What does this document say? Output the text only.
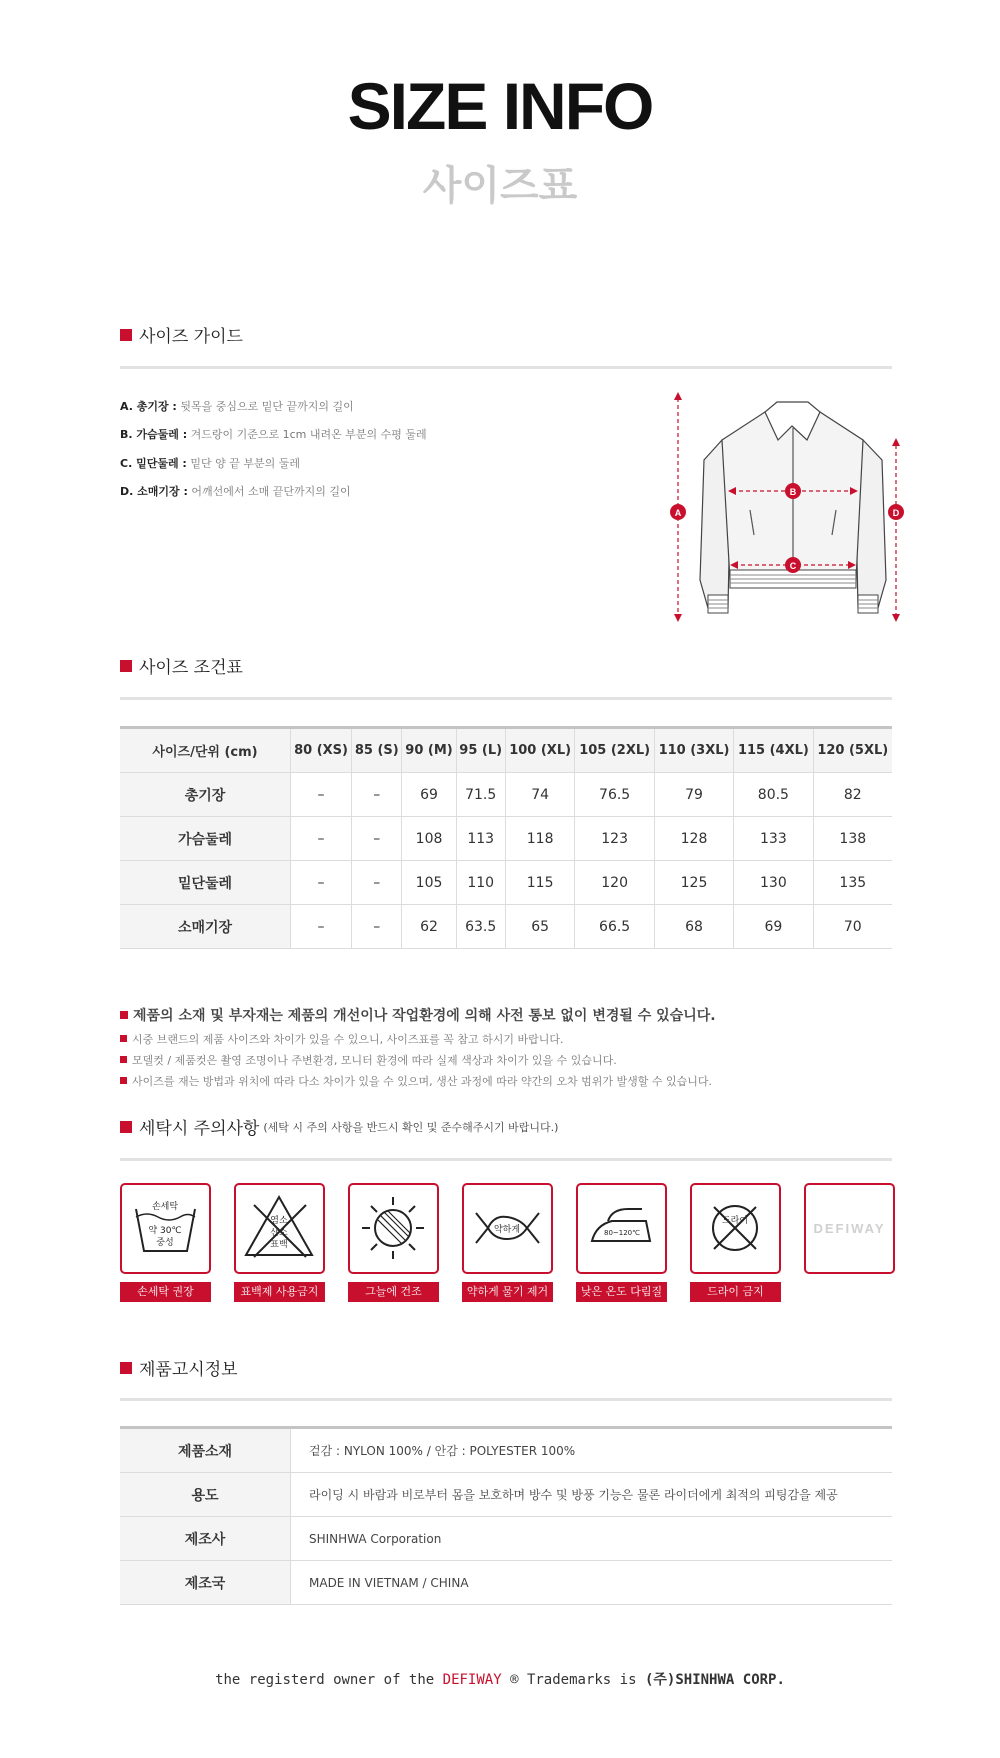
SIZE INFO
사이즈표
사이즈 가이드
A. 총기장 : 뒷목을 중심으로 밑단 끝까지의 길이
B. 가슴둘레 : 겨드랑이 기준으로 1cm 내려온 부분의 수평 둘레
C. 밑단둘레 : 밑단 양 끝 부분의 둘레
D. 소매기장 : 어깨선에서 소매 끝단까지의 길이
A	D
B
C
사이즈 조건표
사이즈/단위 (cm)	80 (XS)	85 (S)	90 (M)	95 (L)	100 (XL)	105 (2XL)	110 (3XL)	115 (4XL)	120 (5XL)
총기장	–	–	69	71.5	74	76.5	79	80.5	82
가슴둘레	–	–	108	113	118	123	128	133	138
밑단둘레	–	–	105	110	115	120	125	130	135
소매기장	–	–	62	63.5	65	66.5	68	69	70
제품의 소재 및 부자재는 제품의 개선이나 작업환경에 의해 사전 통보 없이 변경될 수 있습니다.
시중 브랜드의 제품 사이즈와 차이가 있을 수 있으니, 사이즈표를 꼭 참고 하시기 바랍니다.
모델컷 / 제품컷은 촬영 조명이나 주변환경, 모니터 환경에 따라 실제 색상과 차이가 있을 수 있습니다.
사이즈를 재는 방법과 위치에 따라 다소 차이가 있을 수 있으며, 생산 과정에 따라 약간의 오차 범위가 발생할 수 있습니다.
세탁시 주의사항 (세탁 시 주의 사항을 반드시 확인 및 준수해주시기 바랍니다.)
손세탁
약 30℃
중성
손세탁 권장
염소
산소
표백
표백제 사용금지	그늘에 건조
약하게
약하게 물기 제거
80~120℃
낮은 온도 다림질
드라이
드라이 금지
DEFIWAY
제품고시정보
제품소재	겉감 : NYLON 100% / 안감 : POLYESTER 100%
용도	라이딩 시 바람과 비로부터 몸을 보호하며 방수 및 방풍 기능은 물론 라이더에게 최적의 피팅감을 제공
제조사	SHINHWA Corporation
제조국	MADE IN VIETNAM / CHINA
the registerd owner of the DEFIWAY ® Trademarks is (주)SHINHWA CORP.
